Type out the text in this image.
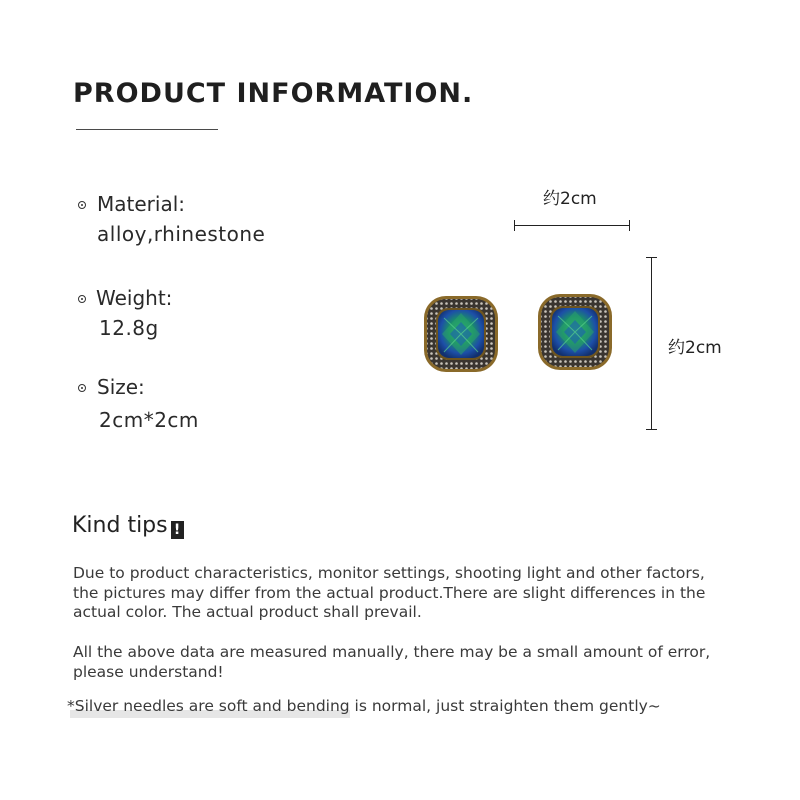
PRODUCT INFORMATION.
Material:
alloy,rhinestone
Weight:
12.8g
Size:
2cm*2cm
约2cm
约2cm
Kind tips !
Due to product characteristics, monitor settings, shooting light and other factors, the pictures may differ from the actual product.There are slight differences in the actual color. The actual product shall prevail.
All the above data are measured manually, there may be a small amount of error, please understand!
*Silver needles are soft and bending is normal, just straighten them gently~
